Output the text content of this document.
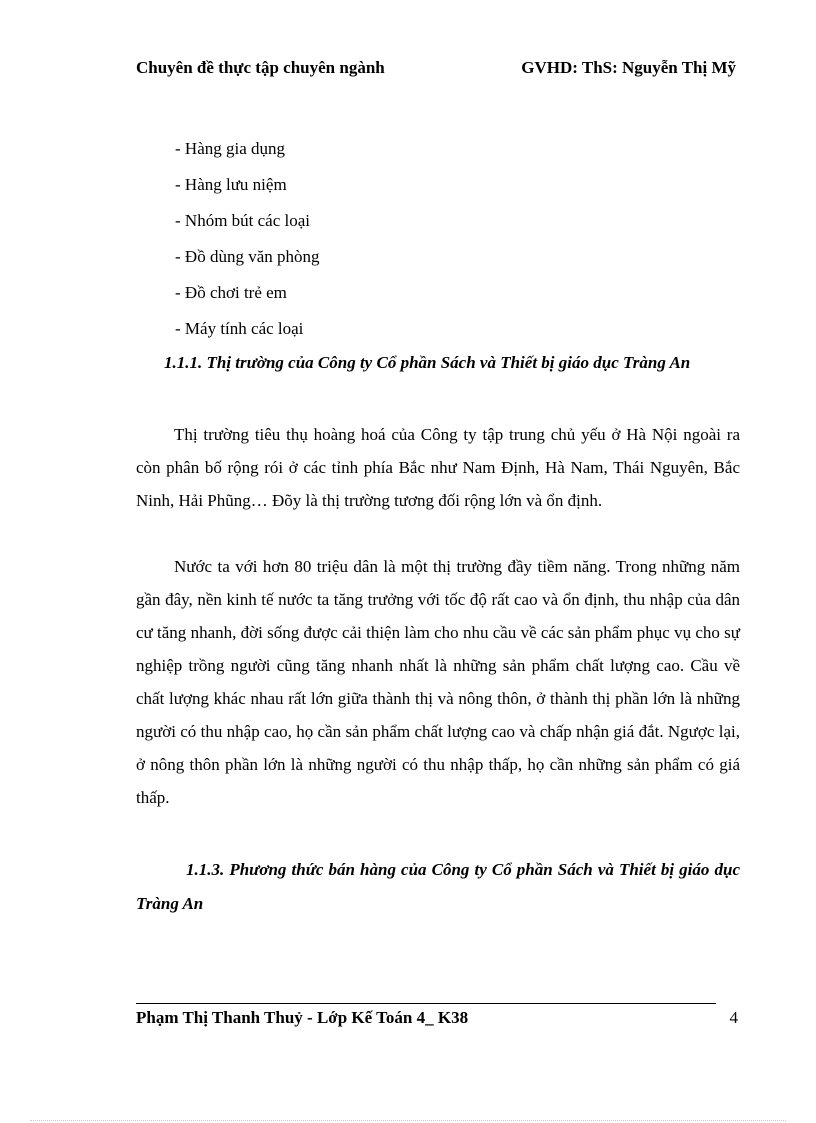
Chuyên đề thực tập chuyên ngành	GVHD: ThS: Nguyễn Thị Mỹ
- Hàng gia dụng
- Hàng lưu niệm
- Nhóm bút các loại
- Đồ dùng văn phòng
- Đồ chơi trẻ em
- Máy tính các loại
1.1.1. Thị trường của Công ty Cổ phần Sách và Thiết bị giáo dục Tràng An

Thị trường tiêu thụ hoàng hoá của Công ty tập trung chủ yếu ở Hà Nội ngoài ra còn phân bố rộng rói ở các tỉnh phía Bắc như Nam Định, Hà Nam, Thái Nguyên, Bắc Ninh, Hải Phũng… Đõy là thị trường tương đối rộng lớn và ổn định.

Nước ta với hơn 80 triệu dân là một thị trường đầy tiềm năng. Trong những năm gần đây, nền kinh tế nước ta tăng trưởng với tốc độ rất cao và ổn định, thu nhập của dân cư tăng nhanh, đời sống được cải thiện làm cho nhu cầu về các sản phẩm phục vụ cho sự nghiệp trồng người cũng tăng nhanh nhất là những sản phẩm chất lượng cao. Cầu về chất lượng khác nhau rất lớn giữa thành thị và nông thôn, ở thành thị phần lớn là những người có thu nhập cao, họ cần sản phẩm chất lượng cao và chấp nhận giá đắt. Ngược lại, ở nông thôn phần lớn là những người có thu nhập thấp, họ cần những sản phẩm có giá thấp.

1.1.3. Phương thức bán hàng của Công ty Cổ phần Sách và Thiết bị giáo dục Tràng An
Phạm Thị Thanh Thuỷ - Lớp Kế Toán 4_ K38	4
